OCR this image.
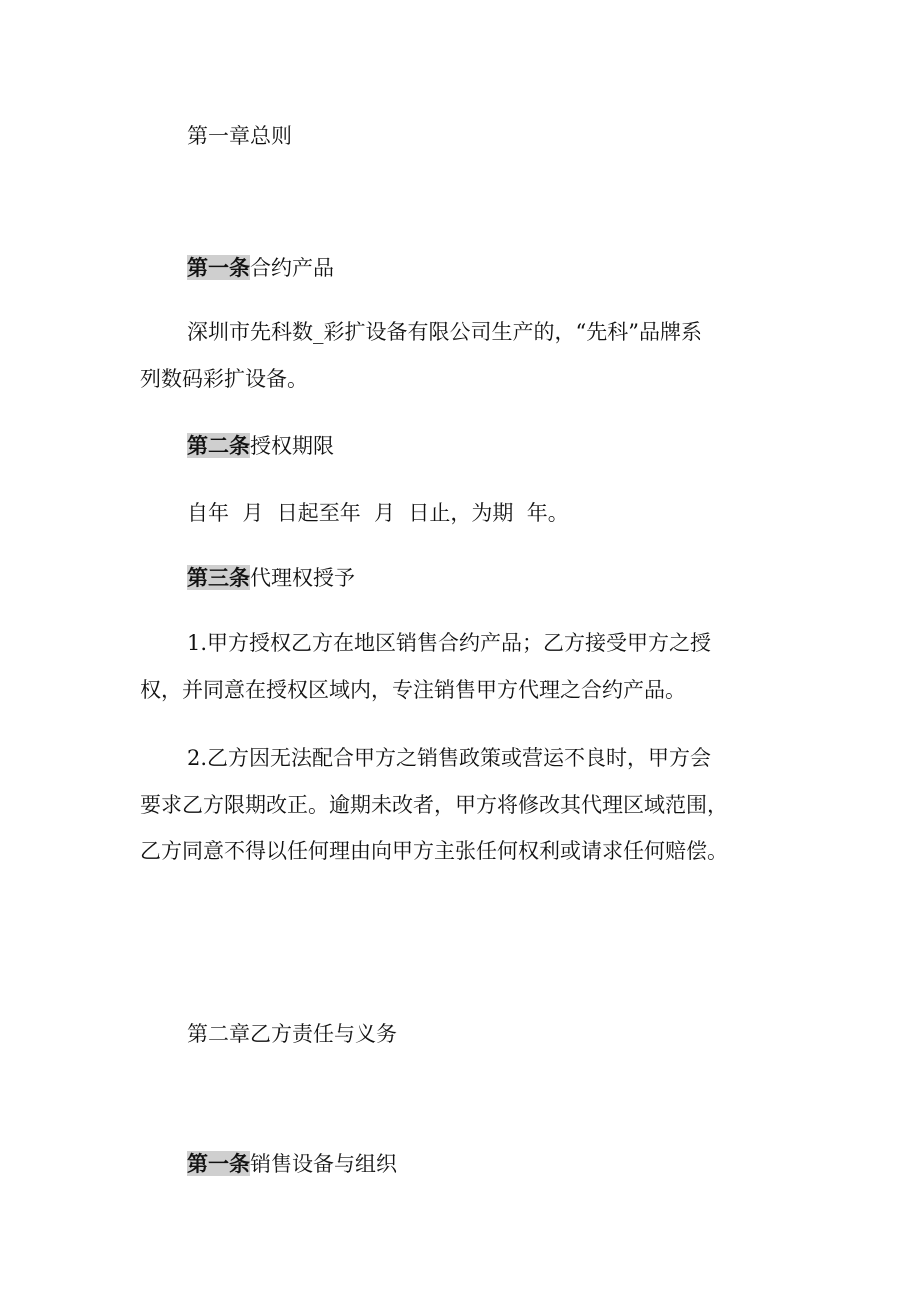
第一章总则
第一条合约产品
深圳市先科数_彩扩设备有限公司生产的，“先科”品牌系
列数码彩扩设备。
第二条授权期限
自年  月  日起至年  月  日止，为期  年。
第三条代理权授予
1.甲方授权乙方在地区销售合约产品；乙方接受甲方之授
权，并同意在授权区域内，专注销售甲方代理之合约产品。
2.乙方因无法配合甲方之销售政策或营运不良时，甲方会
要求乙方限期改正。逾期未改者，甲方将修改其代理区域范围，
乙方同意不得以任何理由向甲方主张任何权利或请求任何赔偿。
第二章乙方责任与义务
第一条销售设备与组织
